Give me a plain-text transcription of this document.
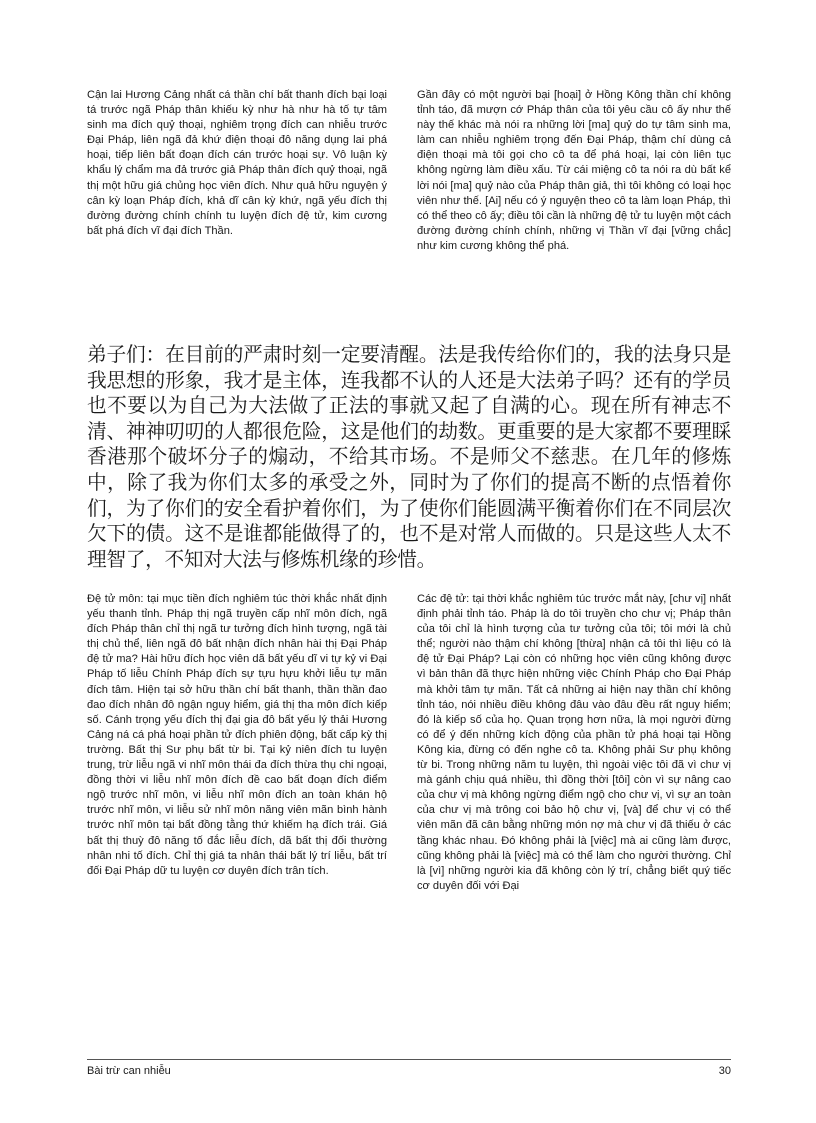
Cận lai Hương Cảng nhất cá thần chí bất thanh đích bại loại tá trước ngã Pháp thân khiếu kỳ như hà như hà tố tự tâm sinh ma đích quỷ thoại, nghiêm trọng đích can nhiễu trước Đại Pháp, liên ngã đả khứ điện thoại đô năng dụng lai phá hoại, tiếp liên bất đoạn đích cán trước hoại sự. Vô luận kỳ khẩu lý chẩm ma đả trước giả Pháp thân đích quỷ thoại, ngã thị một hữu giá chủng học viên đích. Như quả hữu nguyện ý cân kỳ loạn Pháp đích, khả dĩ cân kỳ khứ, ngã yếu đích thị đường đường chính chính tu luyện đích đệ tử, kim cương bất phá đích vĩ đại đích Thần.

Gần đây có một người bại [hoại] ở Hồng Kông thần chí không tỉnh táo, đã mượn cớ Pháp thân của tôi yêu cầu cô ấy như thế này thế khác mà nói ra những lời [ma] quỷ do tự tâm sinh ma, làm can nhiễu nghiêm trọng đến Đại Pháp, thậm chí dùng cả điện thoại mà tôi gọi cho cô ta để phá hoại, lại còn liên tục không ngừng làm điều xấu. Từ cái miệng cô ta nói ra dù bất kể lời nói [ma] quỷ nào của Pháp thân giả, thì tôi không có loại học viên như thế. [Ai] nếu có ý nguyện theo cô ta làm loạn Pháp, thì có thể theo cô ấy; điều tôi cần là những đệ tử tu luyện một cách đường đường chính chính, những vị Thần vĩ đại [vững chắc] như kim cương không thể phá.

弟子们：在目前的严肃时刻一定要清醒。法是我传给你们的，我的法身只是我思想的形象，我才是主体，连我都不认的人还是大法弟子吗？还有的学员也不要以为自己为大法做了正法的事就又起了自满的心。现在所有神志不清、神神叨叨的人都很危险，这是他们的劫数。更重要的是大家都不要理睬香港那个破坏分子的煽动，不给其市场。不是师父不慈悲。在几年的修炼中，除了我为你们太多的承受之外，同时为了你们的提高不断的点悟着你们，为了你们的安全看护着你们，为了使你们能圆满平衡着你们在不同层次欠下的债。这不是谁都能做得了的，也不是对常人而做的。只是这些人太不理智了，不知对大法与修炼机缘的珍惜。

Đệ tử môn: tại mục tiền đích nghiêm túc thời khắc nhất định yếu thanh tỉnh. Pháp thị ngã truyền cấp nhĩ môn đích, ngã đích Pháp thân chỉ thị ngã tư tưởng đích hình tượng, ngã tài thị chủ thể, liên ngã đô bất nhận đích nhân hài thị Đại Pháp đệ tử ma? Hài hữu đích học viên dã bất yếu dĩ vi tự kỷ vi Đại Pháp tố liễu Chính Pháp đích sự tựu hựu khởi liễu tự mãn đích tâm. Hiện tại sở hữu thần chí bất thanh, thần thần đao đao đích nhân đô ngận nguy hiểm, giá thị tha môn đích kiếp số. Cánh trọng yếu đích thị đại gia đô bất yếu lý thải Hương Cảng ná cá phá hoại phần tử đích phiên động, bất cấp kỳ thị trường. Bất thị Sư phụ bất từ bi. Tại kỷ niên đích tu luyện trung, trừ liễu ngã vi nhĩ môn thái đa đích thừa thụ chi ngoại, đồng thời vi liễu nhĩ môn đích đề cao bất đoạn đích điểm ngộ trước nhĩ môn, vi liễu nhĩ môn đích an toàn khán hộ trước nhĩ môn, vi liễu sử nhĩ môn năng viên mãn bình hành trước nhĩ môn tại bất đồng tằng thứ khiếm hạ đích trái. Giá bất thị thuỳ đô năng tố đắc liễu đích, dã bất thị đối thường nhân nhi tố đích. Chỉ thị giá ta nhân thái bất lý trí liễu, bất trí đối Đại Pháp dữ tu luyện cơ duyên đích trân tích.

Các đệ tử: tại thời khắc nghiêm túc trước mắt này, [chư vị] nhất định phải tỉnh táo. Pháp là do tôi truyền cho chư vị; Pháp thân của tôi chỉ là hình tượng của tư tưởng của tôi; tôi mới là chủ thể; người nào thậm chí không [thừa] nhận cả tôi thì liệu có là đệ tử Đại Pháp? Lại còn có những học viên cũng không được vì bản thân đã thực hiện những việc Chính Pháp cho Đại Pháp mà khởi tâm tự mãn. Tất cả những ai hiện nay thần chí không tỉnh táo, nói nhiều điều không đâu vào đâu đều rất nguy hiểm; đó là kiếp số của họ. Quan trọng hơn nữa, là mọi người đừng có để ý đến những kích động của phần tử phá hoại tại Hồng Kông kia, đừng có đến nghe cô ta. Không phải Sư phụ không từ bi. Trong những năm tu luyện, thì ngoài việc tôi đã vì chư vị mà gánh chịu quá nhiều, thì đồng thời [tôi] còn vì sự nâng cao của chư vị mà không ngừng điểm ngộ cho chư vị, vì sự an toàn của chư vị mà trông coi bảo hộ chư vị, [và] để chư vị có thể viên mãn đã cân bằng những món nợ mà chư vị đã thiếu ở các tầng khác nhau. Đó không phải là [việc] mà ai cũng làm được, cũng không phải là [việc] mà có thể làm cho người thường. Chỉ là [vì] những người kia đã không còn lý trí, chẳng biết quý tiếc cơ duyên đối với Đại

Bài trừ can nhiễu	30
